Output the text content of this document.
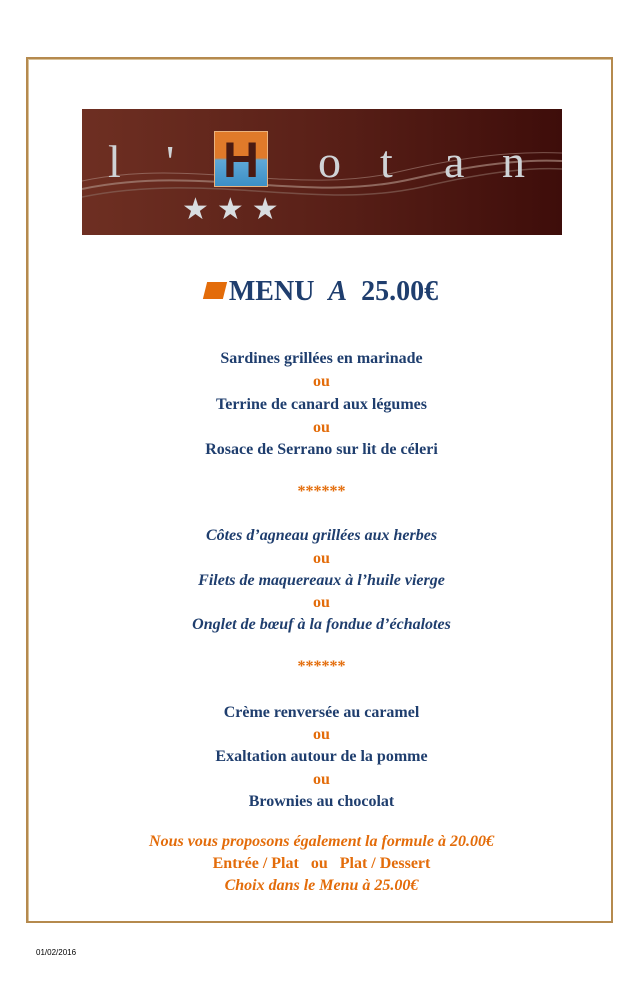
l ' H o t a n
★★★
MENU A 25.00€
Sardines grillées en marinade
ou
Terrine de canard aux légumes
ou
Rosace de Serrano sur lit de céleri
******
Côtes d’agneau grillées aux herbes
ou
Filets de maquereaux à l’huile vierge
ou
Onglet de bœuf à la fondue d’échalotes
******
Crème renversée au caramel
ou
Exaltation autour de la pomme
ou
Brownies au chocolat
Nous vous proposons également la formule à 20.00€
Entrée / Plat   ou   Plat / Dessert
Choix dans le Menu à 25.00€
01/02/2016
